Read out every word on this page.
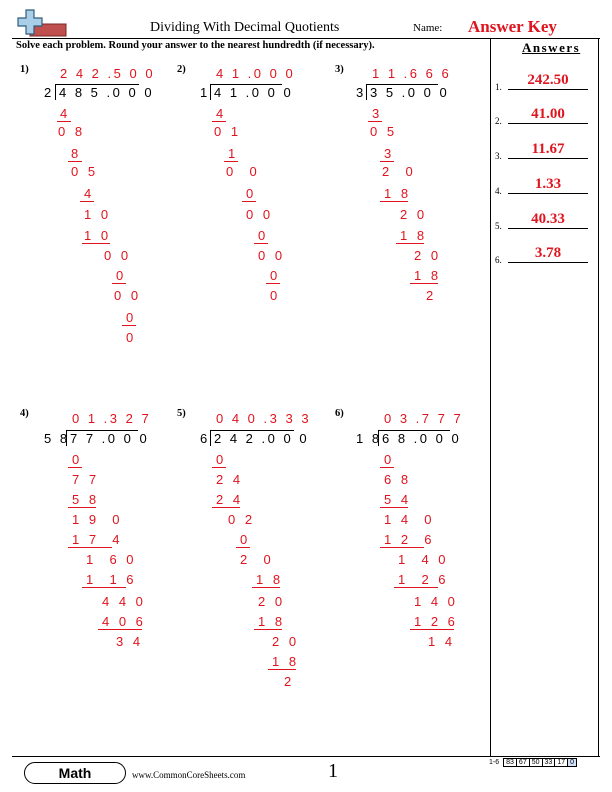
Dividing With Decimal Quotients	Name: Answer Key
Solve each problem. Round your answer to the nearest hundredth (if necessary).	Answers
1.	242.50
2.	41.00
3.	11.67
4.	1.33
5.	40.33
6.	3.78
1) 2 4 2 .5 0 0
2 4 8 5 .0 0 0
4
0 8
8
0 5
4
1 0
1 0
0 0
0
0 0
0
0
2) 4 1 .0 0 0
1 4 1 .0 0 0
4
0 1
1
0  0
0
0 0
0
0 0
0
0
3) 1 1 .6 6 6
3 3 5 .0 0 0
3
0 5
3
2  0
1 8
2 0
1 8
2 0
1 8
2
4)	0 1 .3 2 7
5 8 7 7 .0 0 0
0
7 7
5 8
1 9  0
1 7  4
1  6 0
1  1 6
4 4 0
4 0 6
3 4
5) 0 4 0 .3 3 3
6 2 4 2 .0 0 0
0
2 4
2 4
0 2
0
2  0
1 8
2 0
1 8
2 0
1 8
2
6)	0 3 .7 7 7
1 8 6 8 .0 0 0
0
6 8
5 4
1 4  0
1 2  6
1  4 0
1  2 6
1 4 0
1 2 6
1 4
Math	www.CommonCoreSheets.com	1	1-6 83 67 50 33 17 0
